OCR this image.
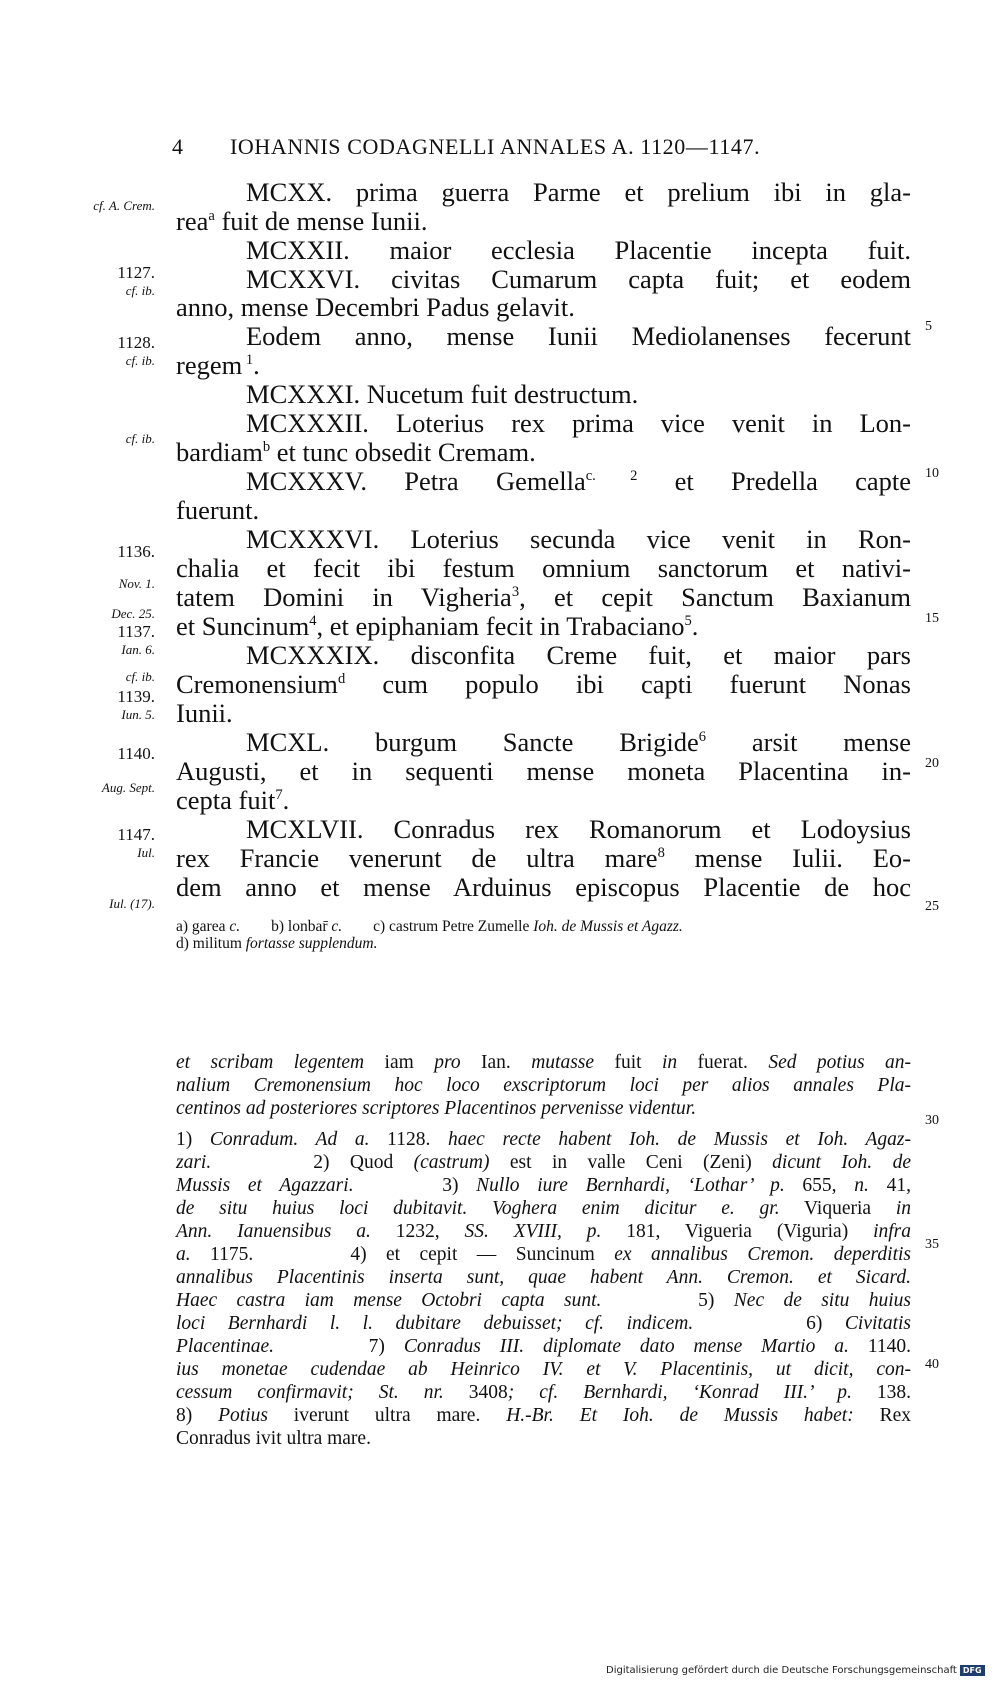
4 IOHANNIS CODAGNELLI ANNALES A. 1120—1147.
cf. A. Crem.
1127.
cf. ib.
1128.
cf. ib.
cf. ib.
1136.
Nov. 1.
Dec. 25.
1137.
Ian. 6.
cf. ib.
1139.
Iun. 5.
1140.
Aug. Sept.
1147.
Iul.
Iul. (17).
5
10
15
20
25
30
35
40
MCXX. prima guerra Parme et prelium ibi in gla-
rea$^a$ fuit de mense Iunii.
MCXXII. maior ecclesia Placentie incepta fuit.
MCXXVI. civitas Cumarum capta fuit; et eodem
anno, mense Decembri Padus gelavit.
Eodem anno, mense Iunii Mediolanenses fecerunt
regem $^1$.
MCXXXI. Nucetum fuit destructum.
MCXXXII. Loterius rex prima vice venit in Lon-
bardiam$^b$ et tunc obsedit Cremam.
MCXXXV. Petra Gemella$^{c. 2}$ et Predella capte
fuerunt.
MCXXXVI. Loterius secunda vice venit in Ron-
chalia et fecit ibi festum omnium sanctorum et nativi-
tatem Domini in Vigheria$^3$, et cepit Sanctum Baxianum
et Suncinum$^4$, et epiphaniam fecit in Trabaciano$^5$.
MCXXXIX. disconfita Creme fuit, et maior pars
Cremonensium$^d$ cum populo ibi capti fuerunt Nonas
Iunii.
MCXL. burgum Sancte Brigide$^6$ arsit mense
Augusti, et in sequenti mense moneta Placentina in-
cepta fuit$^7$.
MCXLVII. Conradus rex Romanorum et Lodoysius
rex Francie venerunt de ultra mare$^8$ mense Iulii. Eo-
dem anno et mense Arduinus episcopus Placentie de hoc
a) garea c.        b) lonbar̄ c.        c) castrum Petre Zumelle Ioh. de Mussis et Agazz.
d) militum fortasse supplendum.
et scribam legentem iam pro Ian. mutasse fuit in fuerat. Sed potius an-
nalium Cremonensium hoc loco exscriptorum loci per alios annales Pla-
centinos ad posteriores scriptores Placentinos pervenisse videntur.
1) Conradum. Ad a. 1128. haec recte habent Ioh. de Mussis et Ioh. Agaz-
zari.     2) Quod (castrum) est in valle Ceni (Zeni) dicunt Ioh. de
Mussis et Agazzari.     3) Nullo iure Bernhardi, ‘Lothar’ p. 655, n. 41,
de situ huius loci dubitavit. Voghera enim dicitur e. gr. Viqueria in
Ann. Ianuensibus a. 1232, SS. XVIII, p. 181, Vigueria (Viguria) infra
a. 1175.     4) et cepit — Suncinum ex annalibus Cremon. deperditis
annalibus Placentinis inserta sunt, quae habent Ann. Cremon. et Sicard.
Haec castra iam mense Octobri capta sunt.     5) Nec de situ huius
loci Bernhardi l. l. dubitare debuisset; cf. indicem.     6) Civitatis
Placentinae.     7) Conradus III. diplomate dato mense Martio a. 1140.
ius monetae cudendae ab Heinrico IV. et V. Placentinis, ut dicit, con-
cessum confirmavit; St. nr. 3408; cf. Bernhardi, ‘Konrad III.’ p. 138.
8) Potius iverunt ultra mare. H.-Br. Et Ioh. de Mussis habet: Rex
Conradus ivit ultra mare.
Digitalisierung gefördert durch die Deutsche Forschungsgemeinschaft DFG
